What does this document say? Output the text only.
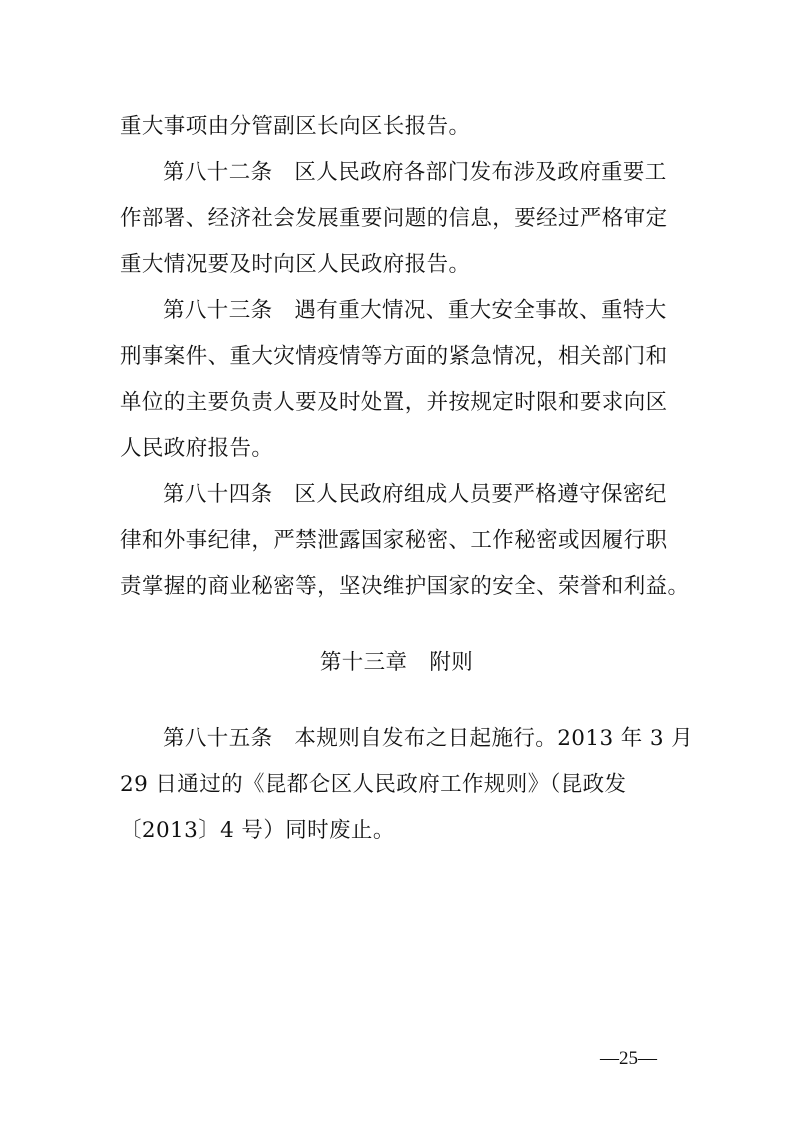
重大事项由分管副区长向区长报告。
第八十二条　区人民政府各部门发布涉及政府重要工
作部署、经济社会发展重要问题的信息，要经过严格审定
重大情况要及时向区人民政府报告。
第八十三条　遇有重大情况、重大安全事故、重特大
刑事案件、重大灾情疫情等方面的紧急情况，相关部门和
单位的主要负责人要及时处置，并按规定时限和要求向区
人民政府报告。
第八十四条　区人民政府组成人员要严格遵守保密纪
律和外事纪律，严禁泄露国家秘密、工作秘密或因履行职
责掌握的商业秘密等，坚决维护国家的安全、荣誉和利益。
第十三章　附则
第八十五条　本规则自发布之日起施行。2013 年 3 月
29 日通过的《昆都仑区人民政府工作规则》（昆政发
〔2013〕4 号）同时废止。
—25—
